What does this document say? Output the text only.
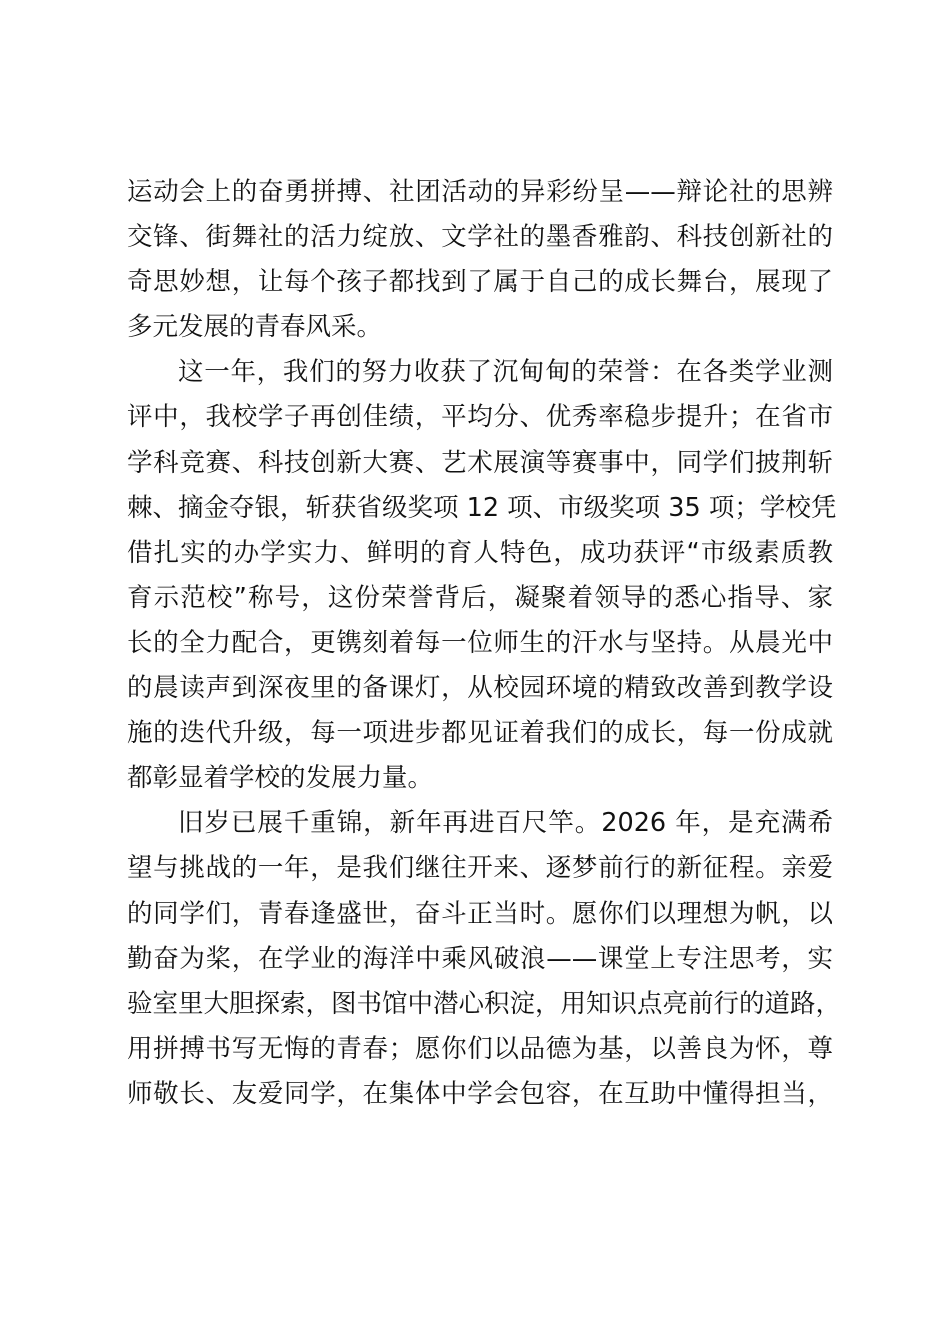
运动会上的奋勇拼搏、社团活动的异彩纷呈——辩论社的思辨
交锋、街舞社的活力绽放、文学社的墨香雅韵、科技创新社的
奇思妙想，让每个孩子都找到了属于自己的成长舞台，展现了
多元发展的青春风采。
这一年，我们的努力收获了沉甸甸的荣誉：在各类学业测
评中，我校学子再创佳绩，平均分、优秀率稳步提升；在省市
学科竞赛、科技创新大赛、艺术展演等赛事中，同学们披荆斩
棘、摘金夺银，斩获省级奖项 12 项、市级奖项 35 项；学校凭
借扎实的办学实力、鲜明的育人特色，成功获评“市级素质教
育示范校”称号，这份荣誉背后，凝聚着领导的悉心指导、家
长的全力配合，更镌刻着每一位师生的汗水与坚持。从晨光中
的晨读声到深夜里的备课灯，从校园环境的精致改善到教学设
施的迭代升级，每一项进步都见证着我们的成长，每一份成就
都彰显着学校的发展力量。
旧岁已展千重锦，新年再进百尺竿。2026 年，是充满希
望与挑战的一年，是我们继往开来、逐梦前行的新征程。亲爱
的同学们，青春逢盛世，奋斗正当时。愿你们以理想为帆，以
勤奋为桨，在学业的海洋中乘风破浪——课堂上专注思考，实
验室里大胆探索，图书馆中潜心积淀，用知识点亮前行的道路，
用拼搏书写无悔的青春；愿你们以品德为基，以善良为怀，尊
师敬长、友爱同学，在集体中学会包容，在互助中懂得担当，
